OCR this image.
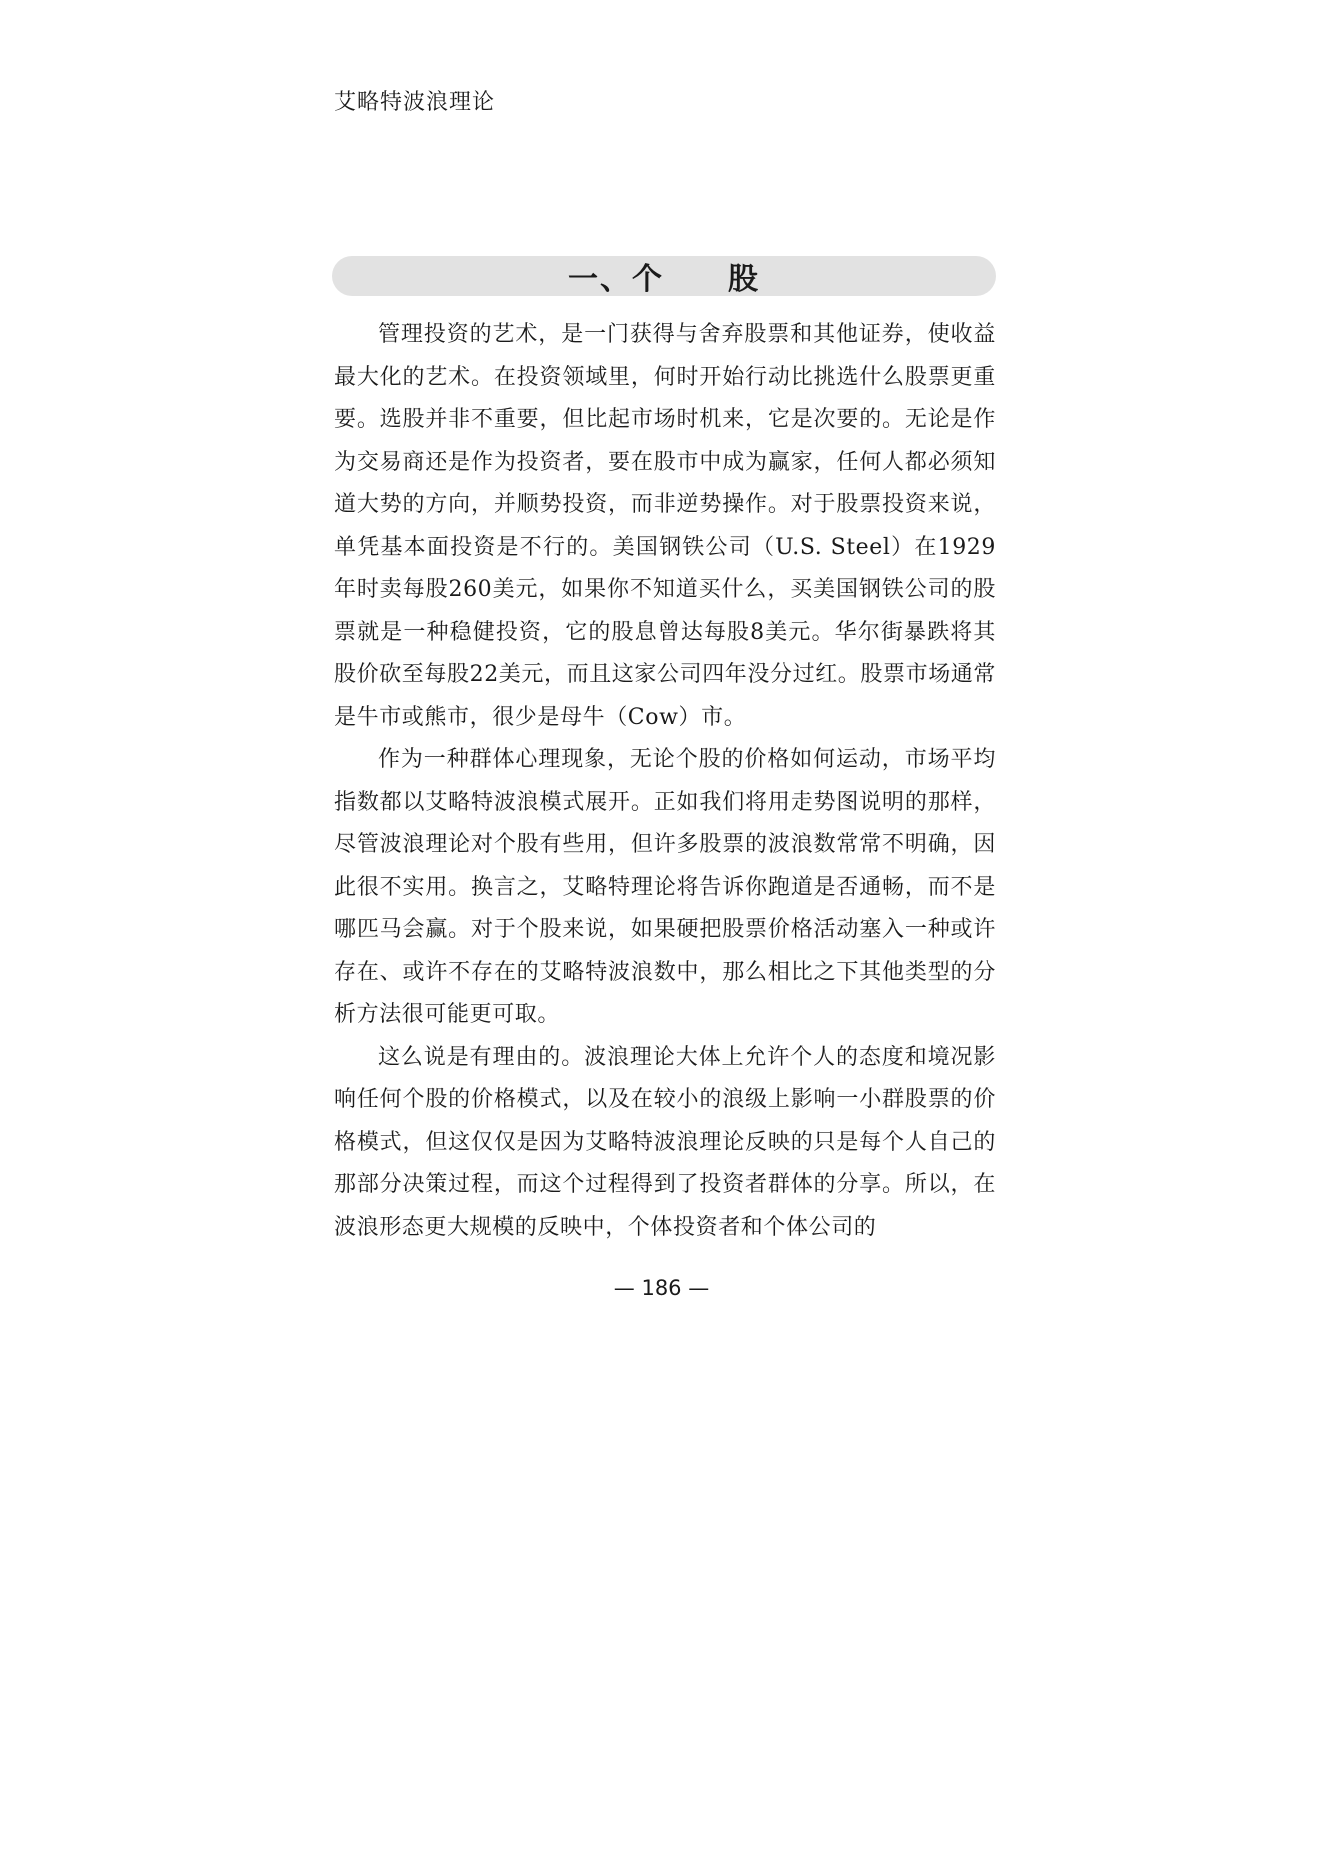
艾略特波浪理论
一、个　　股

管理投资的艺术，是一门获得与舍弃股票和其他证券，使收益最大化的艺术。在投资领域里，何时开始行动比挑选什么股票更重要。选股并非不重要，但比起市场时机来，它是次要的。无论是作为交易商还是作为投资者，要在股市中成为赢家，任何人都必须知道大势的方向，并顺势投资，而非逆势操作。对于股票投资来说，单凭基本面投资是不行的。美国钢铁公司（U.S. Steel）在1929年时卖每股260美元，如果你不知道买什么，买美国钢铁公司的股票就是一种稳健投资，它的股息曾达每股8美元。华尔街暴跌将其股价砍至每股22美元，而且这家公司四年没分过红。股票市场通常是牛市或熊市，很少是母牛（Cow）市。

作为一种群体心理现象，无论个股的价格如何运动，市场平均指数都以艾略特波浪模式展开。正如我们将用走势图说明的那样，尽管波浪理论对个股有些用，但许多股票的波浪数常常不明确，因此很不实用。换言之，艾略特理论将告诉你跑道是否通畅，而不是哪匹马会赢。对于个股来说，如果硬把股票价格活动塞入一种或许存在、或许不存在的艾略特波浪数中，那么相比之下其他类型的分析方法很可能更可取。

这么说是有理由的。波浪理论大体上允许个人的态度和境况影响任何个股的价格模式，以及在较小的浪级上影响一小群股票的价格模式，但这仅仅是因为艾略特波浪理论反映的只是每个人自己的那部分决策过程，而这个过程得到了投资者群体的分享。所以，在波浪形态更大规模的反映中，个体投资者和个体公司的

— 186 —
